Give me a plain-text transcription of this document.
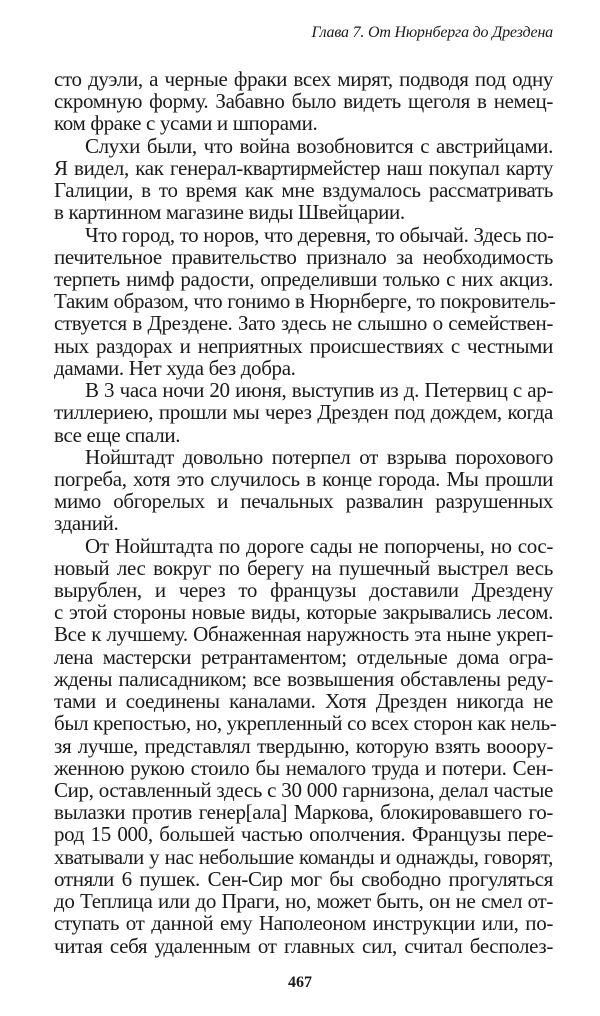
Глава 7. От Нюрнберга до Дрездена
сто дуэли, а черные фраки всех мирят, подводя под одну
скромную форму. Забавно было видеть щеголя в немец-
ком фраке с усами и шпорами.
Слухи были, что война возобновится с австрийцами.
Я видел, как генерал-квартирмейстер наш покупал карту
Галиции, в то время как мне вздумалось рассматривать
в картинном магазине виды Швейцарии.
Что город, то норов, что деревня, то обычай. Здесь по-
печительное правительство признало за необходимость
терпеть нимф радости, определивши только с них акциз.
Таким образом, что гонимо в Нюрнберге, то покровитель-
ствуется в Дрездене. Зато здесь не слышно о семействен-
ных раздорах и неприятных происшествиях с честными
дамами. Нет худа без добра.
В 3 часа ночи 20 июня, выступив из д. Петервиц с ар-
тиллериею, прошли мы через Дрезден под дождем, когда
все еще спали.
Нойштадт довольно потерпел от взрыва порохового
погреба, хотя это случилось в конце города. Мы прошли
мимо обгорелых и печальных развалин разрушенных
зданий.
От Нойштадта по дороге сады не попорчены, но сос-
новый лес вокруг по берегу на пушечный выстрел весь
вырублен, и через то французы доставили Дрездену
с этой стороны новые виды, которые закрывались лесом.
Все к лучшему. Обнаженная наружность эта ныне укреп-
лена мастерски ретрантаментом; отдельные дома огра-
ждены палисадником; все возвышения обставлены реду-
тами и соединены каналами. Хотя Дрезден никогда не
был крепостью, но, укрепленный со всех сторон как нель-
зя лучше, представлял твердыню, которую взять вооору-
женною рукою стоило бы немалого труда и потери. Сен-
Сир, оставленный здесь с 30 000 гарнизона, делал частые
вылазки против генер[ала] Маркова, блокировавшего го-
род 15 000, большей частью ополчения. Французы пере-
хватывали у нас небольшие команды и однажды, говорят,
отняли 6 пушек. Сен-Сир мог бы свободно прогуляться
до Теплица или до Праги, но, может быть, он не смел от-
ступать от данной ему Наполеоном инструкции или, по-
читая себя удаленным от главных сил, считал бесполез-
467
